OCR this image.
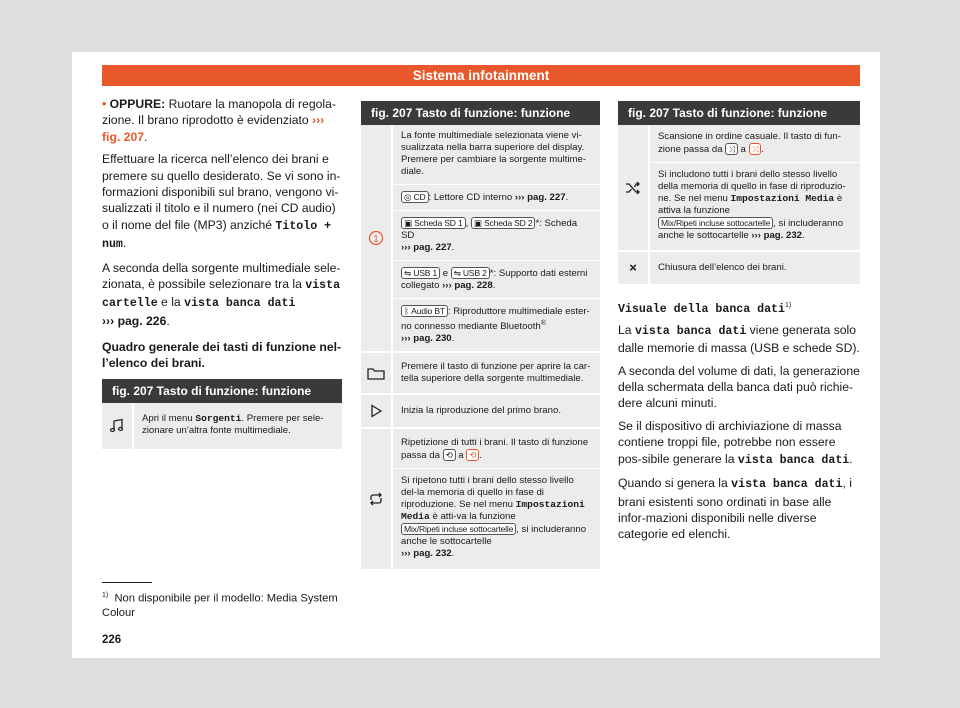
Sistema infotainment

• OPPURE: Ruotare la manopola di regola-zione. Il brano riprodotto è evidenziato ››› fig. 207.

Effettuare la ricerca nell’elenco dei brani e premere su quello desiderato. Se vi sono in-formazioni disponibili sul brano, vengono vi-sualizzati il titolo e il numero (nei CD audio) o il nome del file (MP3) anziché Titolo + num.

A seconda della sorgente multimediale sele-zionata, è possibile selezionare tra la vista cartelle e la vista banca dati
››› pag. 226.

Quadro generale dei tasti di funzione nel-l’elenco dei brani.
fig. 207 Tasto di funzione: funzione
	Apri il menu Sorgenti. Premere per sele-zionare un’altra fonte multimediale.
fig. 207 Tasto di funzione: funzione
1	La fonte multimediale selezionata viene vi-sualizzata nella barra superiore del display. Premere per cambiare la sorgente multime-diale.
	◎ CD : Lettore CD interno ››› pag. 227.
	▣ Scheda SD 1 , ▣ Scheda SD 2 *: Scheda SD
››› pag. 227.
	⇋ USB 1 e ⇋ USB 2 *: Supporto dati esterni collegato ››› pag. 228.
	ᛒ Audio BT : Riproduttore multimediale ester-no connesso mediante Bluetooth®
››› pag. 230.
	Premere il tasto di funzione per aprire la car-tella superiore della sorgente multimediale.
	Inizia la riproduzione del primo brano.
	Ripetizione di tutti i brani. Il tasto di funzione passa da ⟲ a ⟲ .
	Si ripetono tutti i brani dello stesso livello del-la memoria di quello in fase di riproduzione. Se nel menu Impostazioni Media è atti-va la funzione Mix/Ripeti incluse sottocartelle , si includeranno anche le sottocartelle
››› pag. 232.
fig. 207 Tasto di funzione: funzione
	Scansione in ordine casuale. Il tasto di fun-zione passa da ⤨ a ⤨ .
	Si includono tutti i brani dello stesso livello della memoria di quello in fase di riproduzio-ne. Se nel menu Impostazioni Media è attiva la funzione
Mix/Ripeti incluse sottocartelle , si includeranno anche le sottocartelle ››› pag. 232.
×	Chiusura dell’elenco dei brani.
Visuale della banca dati$^{1)}$

La vista banca dati viene generata solo dalle memorie di massa (USB e schede SD).

A seconda del volume di dati, la generazione della schermata della banca dati può richie-dere alcuni minuti.

Se il dispositivo di archiviazione di massa contiene troppi file, potrebbe non essere pos-sibile generare la vista banca dati.

Quando si genera la vista banca dati, i brani esistenti sono ordinati in base alle infor-mazioni disponibili nelle diverse categorie ed elenchi.

$^{1)}$ Non disponibile per il modello: Media System Colour
226
